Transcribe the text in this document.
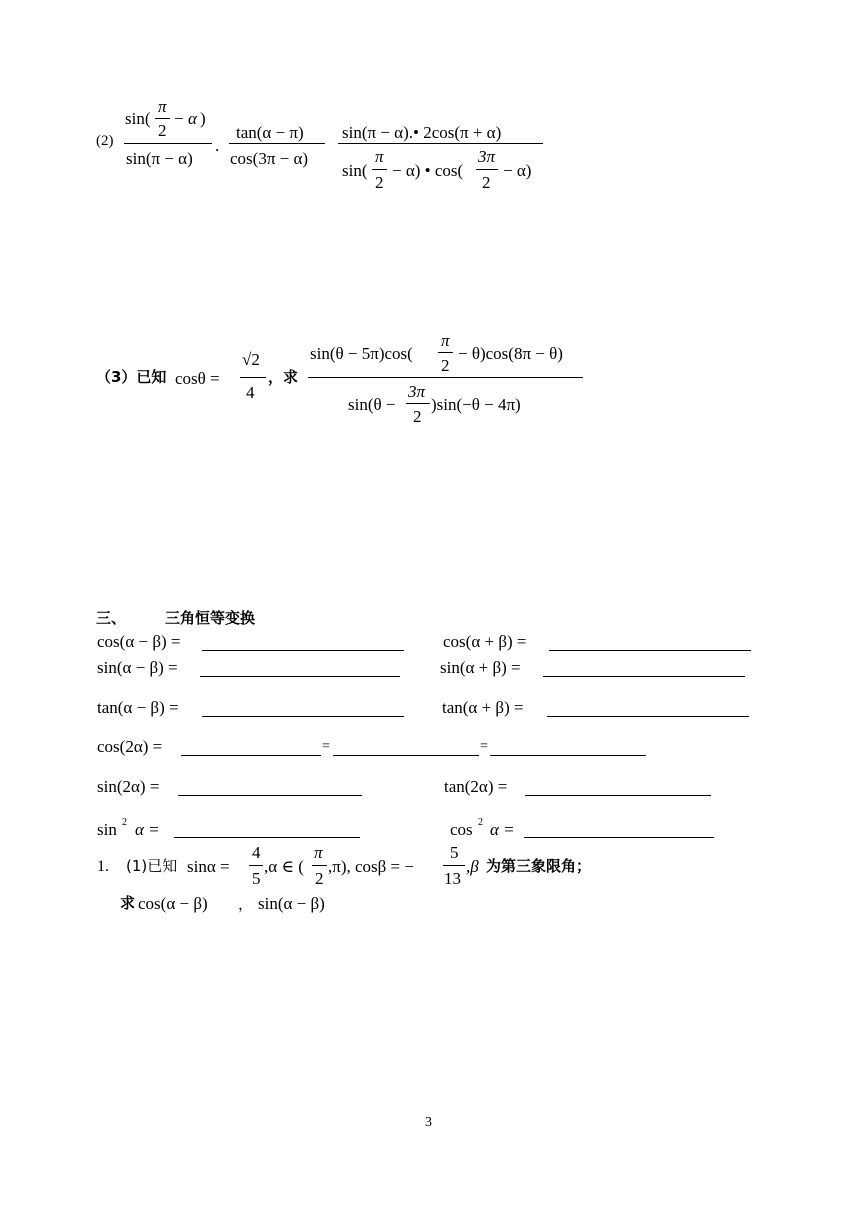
(2)
sin(
π
2
− α )
sin(π − α)
.
tan(α − π)
cos(3π − α)
sin(π − α).• 2cos(π + α)
sin(
π
2
− α) • cos(
3π
2
− α)
（3）已知 cosθ =
√2
4
，求
sin(θ − 5π)cos(
π
2
− θ)cos(8π − θ)
sin(θ −
3π
2
)sin(−θ − 4π)
三、	三角恒等变换
cos(α − β) =	cos(α + β) =
sin(α − β) =	sin(α + β) =
tan(α − β) =	tan(α + β) =
cos(2α) =	=	=
sin(2α) =	tan(2α) =
sin 2 α =	cos 2 α =
1. (1)已知 sinα =
4
5
,α ∈ (
π
2
,π), cosβ = −
5
13
,β 为第三象限角；
求 cos(α − β) ， sin(α − β)
3
